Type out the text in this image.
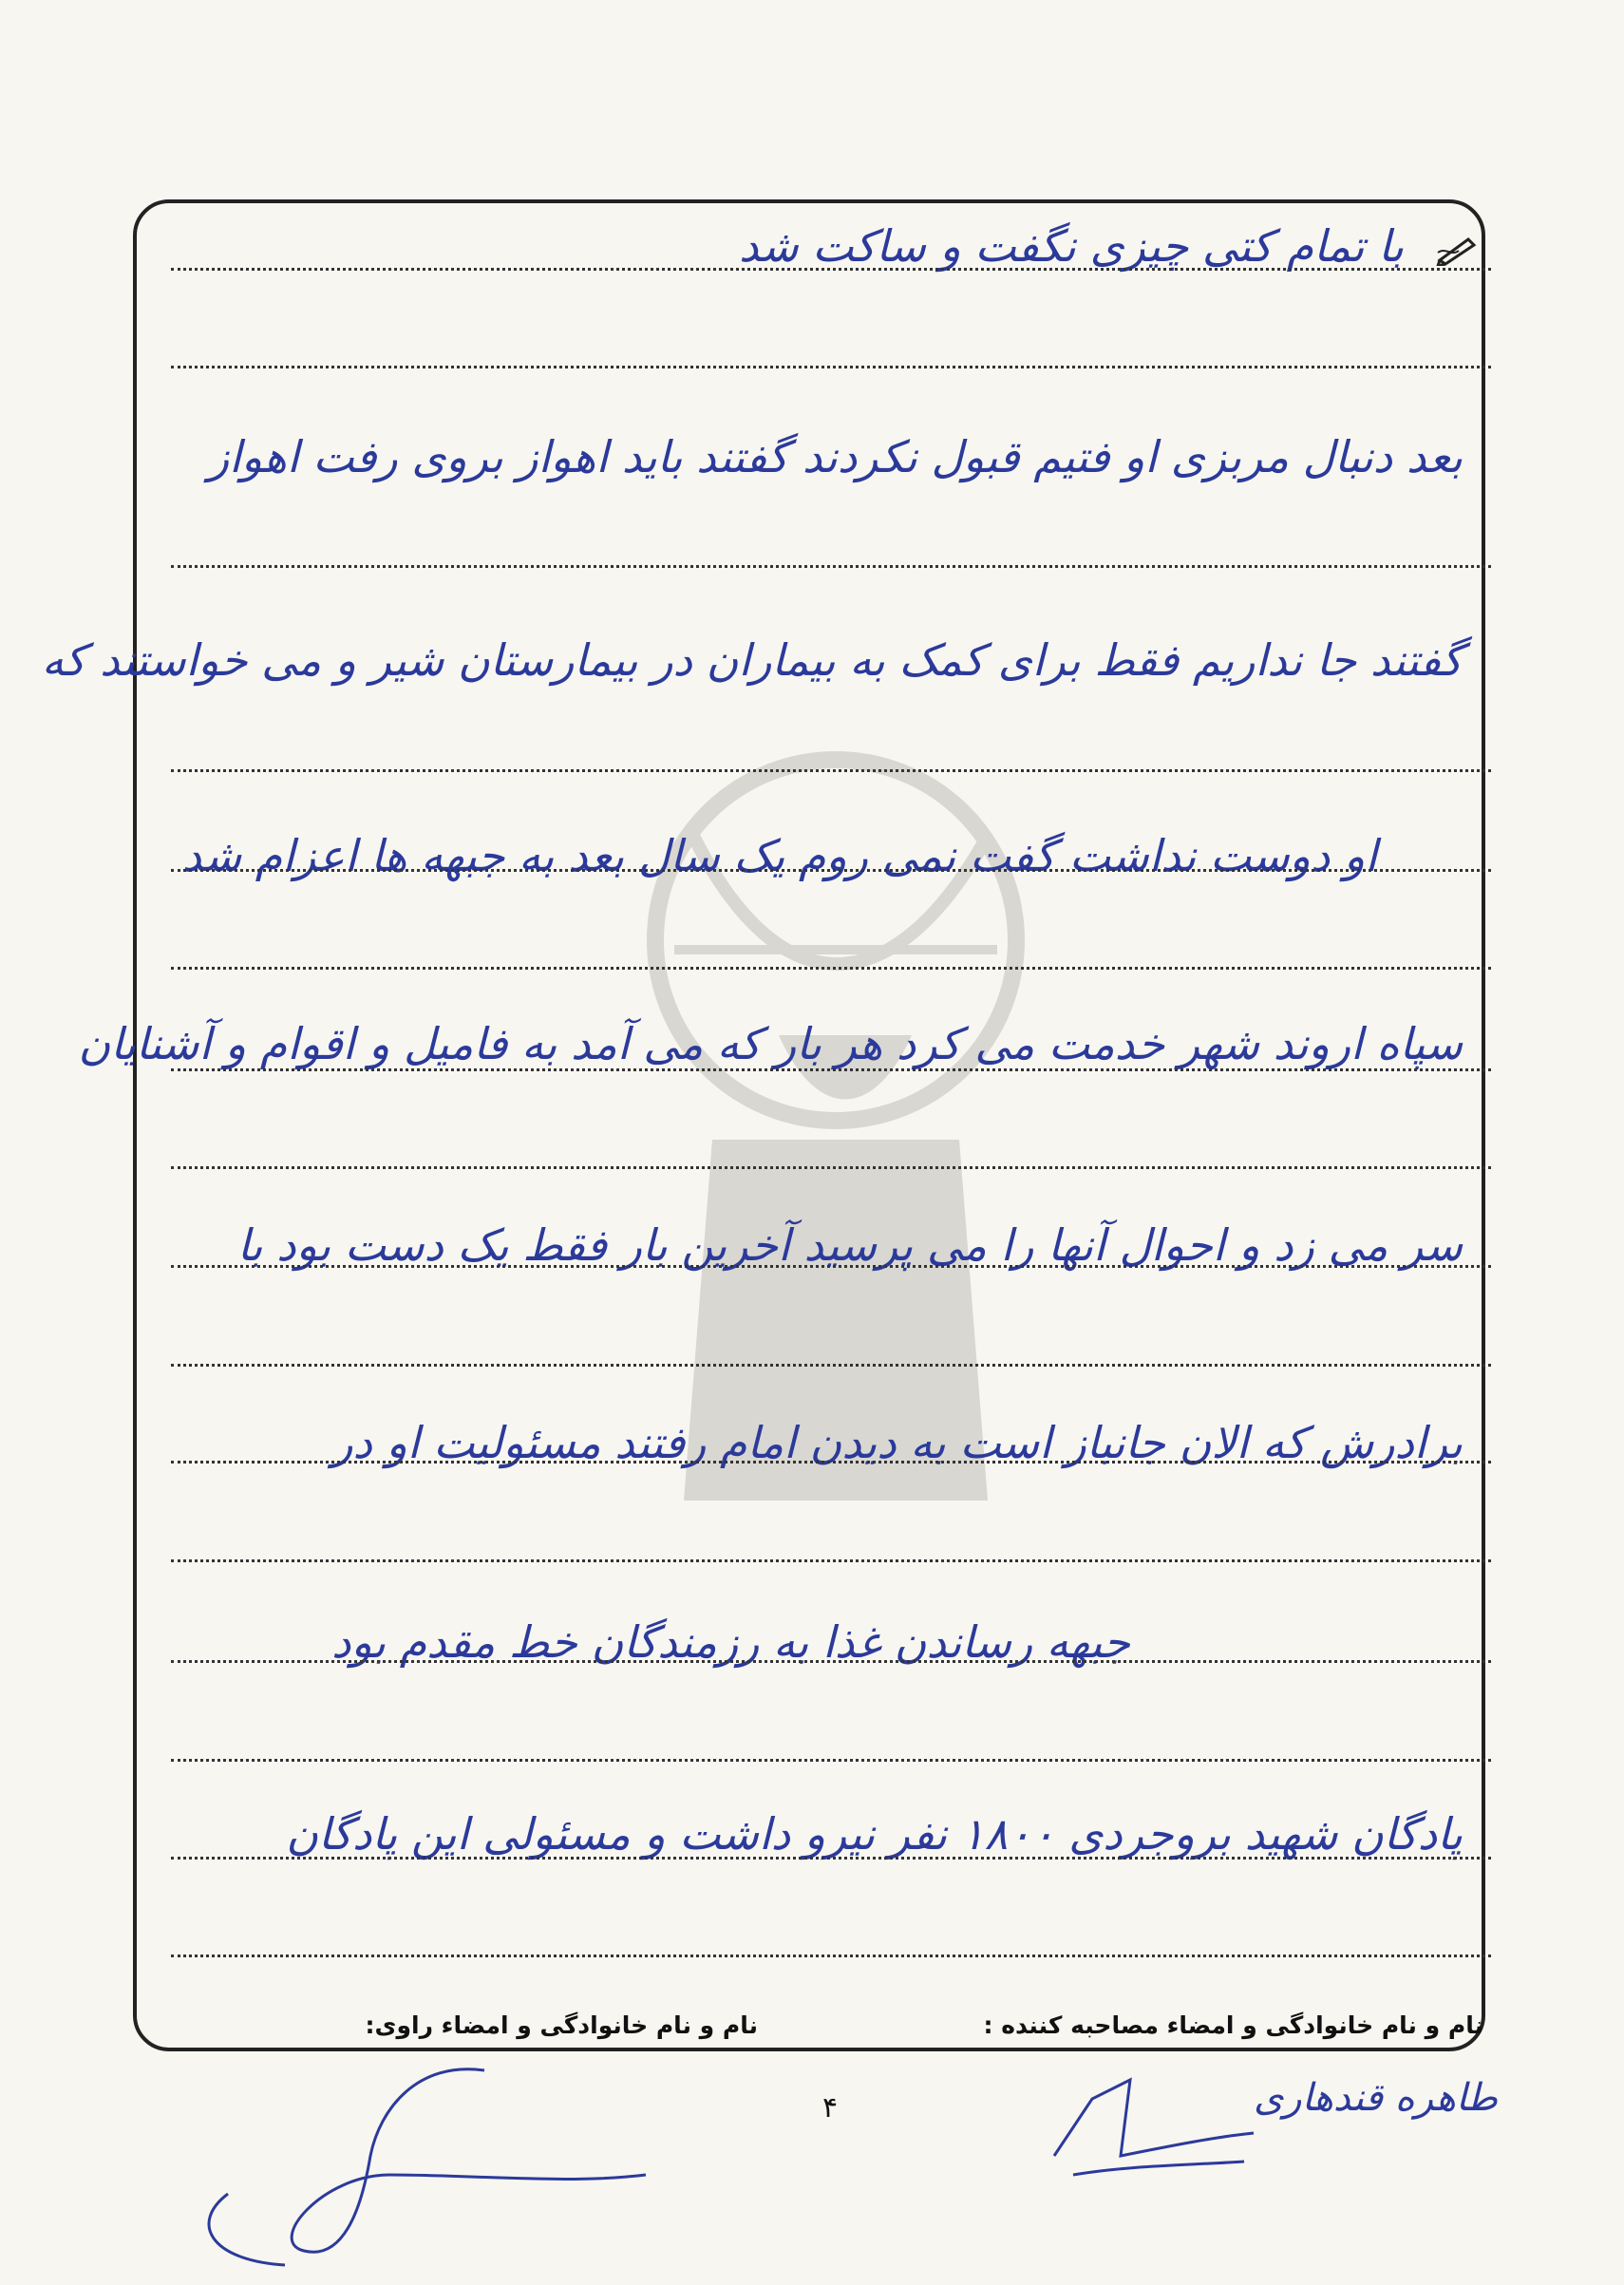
با تمام کتی چیزی نگفت و ساکت شد
بعد دنبال مربزی او فتیم قبول نکردند گفتند باید اهواز بروی رفت اهواز
گفتند جا نداریم فقط برای کمک به بیماران در بیمارستان شیر و می خواستند که
او دوست نداشت گفت نمی روم یک سال بعد به جبهه ها اعزام شد
سپاه اروند شهر خدمت می کرد هر بار که می آمد به فامیل و اقوام و آشنایان
سر می زد و احوال آنها را می پرسید آخرین بار فقط یک دست بود با
برادرش که الان جانباز است به دیدن امام رفتند مسئولیت او در
جبهه رساندن غذا به رزمندگان خط مقدم بود
پادگان شهید بروجردی ۱۸۰۰ نفر نیرو داشت و مسئولی این پادگان
نام و نام خانوادگی و امضاء مصاحبه کننده :
نام و نام خانوادگی و امضاء راوی:
طاهره قندهاری
۴
